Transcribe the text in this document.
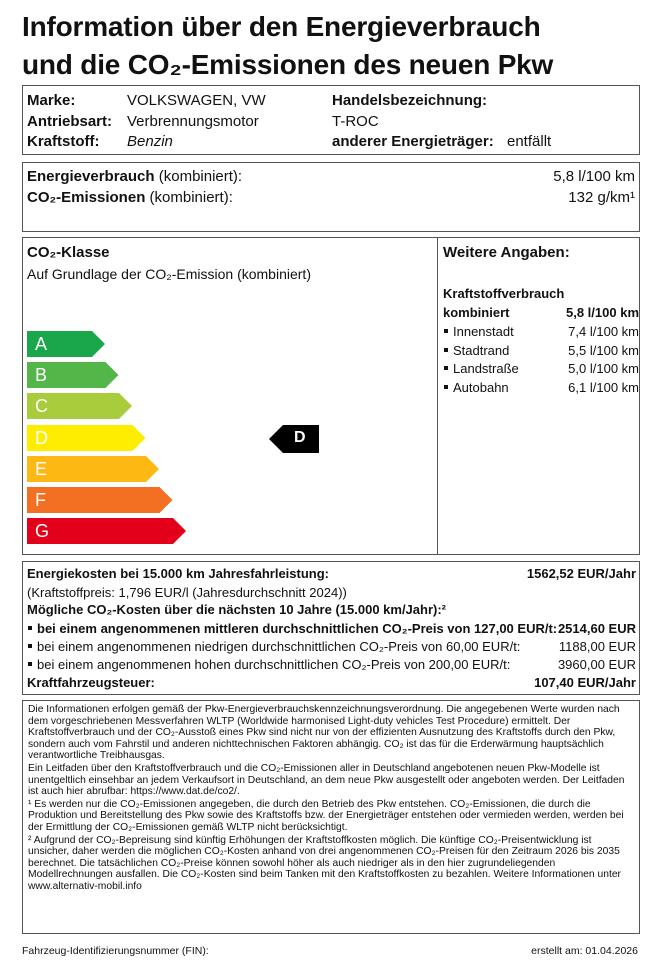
Information über den Energieverbrauch
und die CO₂-Emissionen des neuen Pkw
Marke:	VOLKSWAGEN, VW	Handelsbezeichnung:
Antriebsart: Verbrennungsmotor	T-ROC
Kraftstoff: Benzin	anderer Energieträger: entfällt
Energieverbrauch (kombiniert):	5,8 l/100 km
CO₂-Emissionen (kombiniert):	132 g/km¹
CO₂-Klasse
Auf Grundlage der CO₂-Emission (kombiniert)
A
B
C
D
E
F
G
D
Weitere Angaben:
Kraftstoffverbrauch
kombiniert	5,8 l/100 km
Innenstadt	7,4 l/100 km
Stadtrand	5,5 l/100 km
Landstraße	5,0 l/100 km
Autobahn	6,1 l/100 km
Energiekosten bei 15.000 km Jahresfahrleistung:	1562,52 EUR/Jahr
(Kraftstoffpreis: 1,796 EUR/l (Jahresdurchschnitt 2024))
Mögliche CO₂-Kosten über die nächsten 10 Jahre (15.000 km/Jahr):²
bei einem angenommenen mittleren durchschnittlichen CO₂-Preis von 127,00 EUR/t: 2514,60 EUR
bei einem angenommenen niedrigen durchschnittlichen CO₂-Preis von 60,00 EUR/t:	1188,00 EUR
bei einem angenommenen hohen durchschnittlichen CO₂-Preis von 200,00 EUR/t:	3960,00 EUR
Kraftfahrzeugsteuer:	107,40 EUR/Jahr

Die Informationen erfolgen gemäß der Pkw-Energieverbrauchskennzeichnungsverordnung. Die angegebenen Werte wurden nach dem vorgeschriebenen Messverfahren WLTP (Worldwide harmonised Light-duty vehicles Test Procedure) ermittelt. Der Kraftstoffverbrauch und der CO₂-Ausstoß eines Pkw sind nicht nur von der effizienten Ausnutzung des Kraftstoffs durch den Pkw, sondern auch vom Fahrstil und anderen nichttechnischen Faktoren abhängig. CO₂ ist das für die Erderwärmung hauptsächlich verantwortliche Treibhausgas.

Ein Leitfaden über den Kraftstoffverbrauch und die CO₂-Emissionen aller in Deutschland angebotenen neuen Pkw-Modelle ist unentgeltlich einsehbar an jedem Verkaufsort in Deutschland, an dem neue Pkw ausgestellt oder angeboten werden. Der Leitfaden ist auch hier abrufbar: https://www.dat.de/co2/.

¹ Es werden nur die CO₂-Emissionen angegeben, die durch den Betrieb des Pkw entstehen. CO₂-Emissionen, die durch die Produktion und Bereitstellung des Pkw sowie des Kraftstoffs bzw. der Energieträger entstehen oder vermieden werden, werden bei der Ermittlung der CO₂-Emissionen gemäß WLTP nicht berücksichtigt.

² Aufgrund der CO₂-Bepreisung sind künftig Erhöhungen der Kraftstoffkosten möglich. Die künftige CO₂-Preisentwicklung ist unsicher, daher werden die möglichen CO₂-Kosten anhand von drei angenommenen CO₂-Preisen für den Zeitraum 2026 bis 2035 berechnet. Die tatsächlichen CO₂-Preise können sowohl höher als auch niedriger als in den hier zugrundeliegenden Modellrechnungen ausfallen. Die CO₂-Kosten sind beim Tanken mit den Kraftstoffkosten zu bezahlen. Weitere Informationen unter www.alternativ-mobil.info

Fahrzeug-Identifizierungsnummer (FIN):	erstellt am: 01.04.2026
